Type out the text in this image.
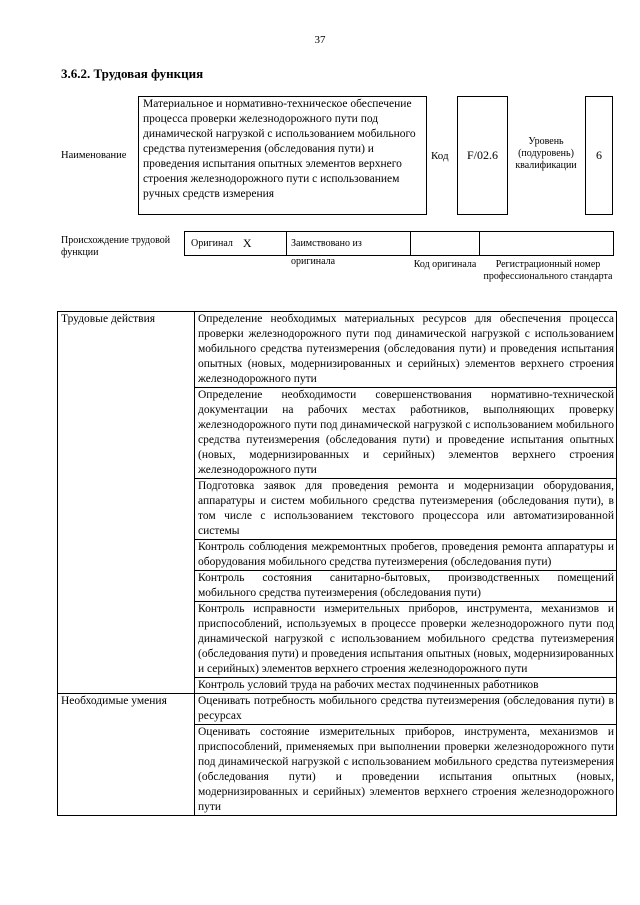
37
3.6.2. Трудовая функция
Наименование
Материальное и нормативно-техническое обеспечение процесса проверки железнодорожного пути под динамической нагрузкой с использованием мобильного средства путеизмерения (обследования пути) и проведения испытания опытных элементов верхнего строения железнодорожного пути с использованием ручных средств измерения
Код F/02.6
Уровень (подуровень) квалификации
6
Происхождение трудовой функции
Оригинал X	Заимствовано из оригинала	Код оригинала	Регистрационный номер профессионального стандарта
Трудовые действия	Определение необходимых материальных ресурсов для обеспечения процесса проверки железнодорожного пути под динамической нагрузкой с использованием мобильного средства путеизмерения (обследования пути) и проведения испытания опытных (новых, модернизированных и серийных) элементов верхнего строения железнодорожного пути
	Определение необходимости совершенствования нормативно-технической документации на рабочих местах работников, выполняющих проверку железнодорожного пути под динамической нагрузкой с использованием мобильного средства путеизмерения (обследования пути) и проведение испытания опытных (новых, модернизированных и серийных) элементов верхнего строения железнодорожного пути
	Подготовка заявок для проведения ремонта и модернизации оборудования, аппаратуры и систем мобильного средства путеизмерения (обследования пути), в том числе с использованием текстового процессора или автоматизированной системы
	Контроль соблюдения межремонтных пробегов, проведения ремонта аппаратуры и оборудования мобильного средства путеизмерения (обследования пути)
	Контроль состояния санитарно-бытовых, производственных помещений мобильного средства путеизмерения (обследования пути)
	Контроль исправности измерительных приборов, инструмента, механизмов и приспособлений, используемых в процессе проверки железнодорожного пути под динамической нагрузкой с использованием мобильного средства путеизмерения (обследования пути) и проведения испытания опытных (новых, модернизированных и серийных) элементов верхнего строения железнодорожного пути
	Контроль условий труда на рабочих местах подчиненных работников
Необходимые умения	Оценивать потребность мобильного средства путеизмерения (обследования пути) в ресурсах
	Оценивать состояние измерительных приборов, инструмента, механизмов и приспособлений, применяемых при выполнении проверки железнодорожного пути под динамической нагрузкой с использованием мобильного средства путеизмерения (обследования пути) и проведении испытания опытных (новых, модернизированных и серийных) элементов верхнего строения железнодорожного пути
